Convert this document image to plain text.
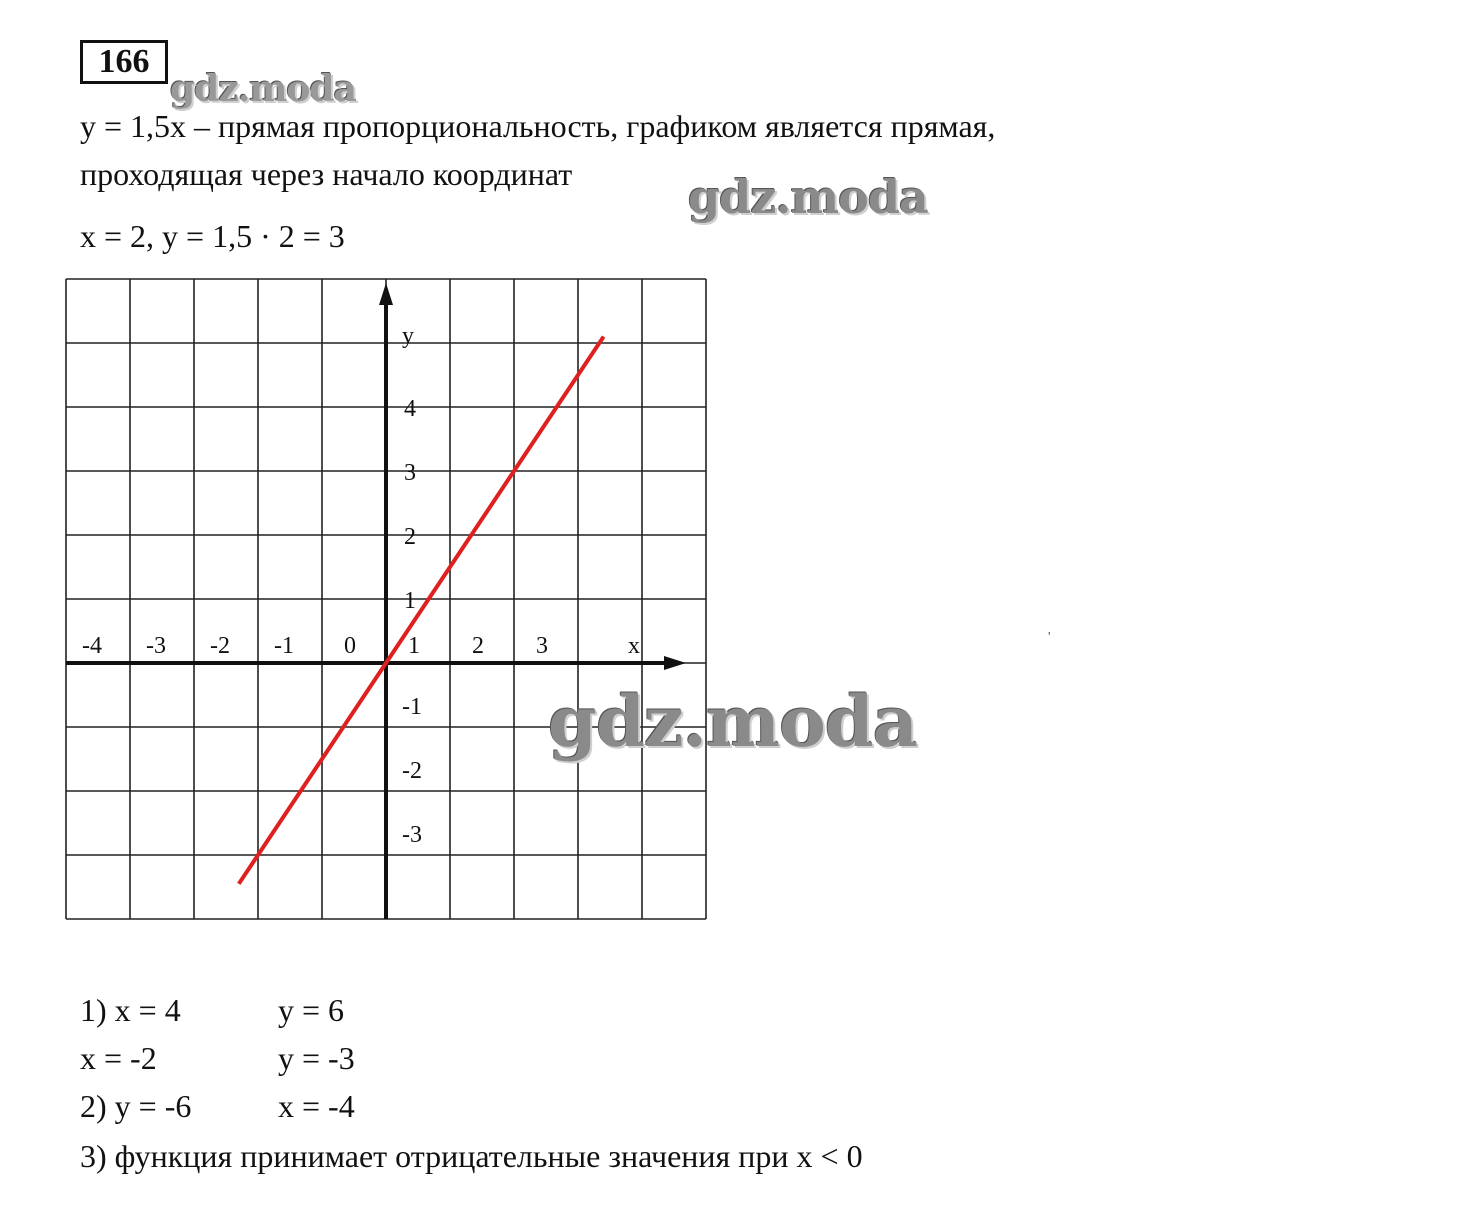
166
gdz.moda
y = 1,5x – прямая пропорциональность, графиком является прямая,
проходящая через начало координат	gdz.moda
x = 2, y = 1,5 · 2 = 3
-4 -3 -2 -1 0 1 2 3	x
4
3
2
1
-1
-2
-3
y
gdz.moda
1) x = 4	y = 6
x = -2	y = -3
2) y = -6	x = -4
3) функция принимает отрицательные значения при x < 0
'
